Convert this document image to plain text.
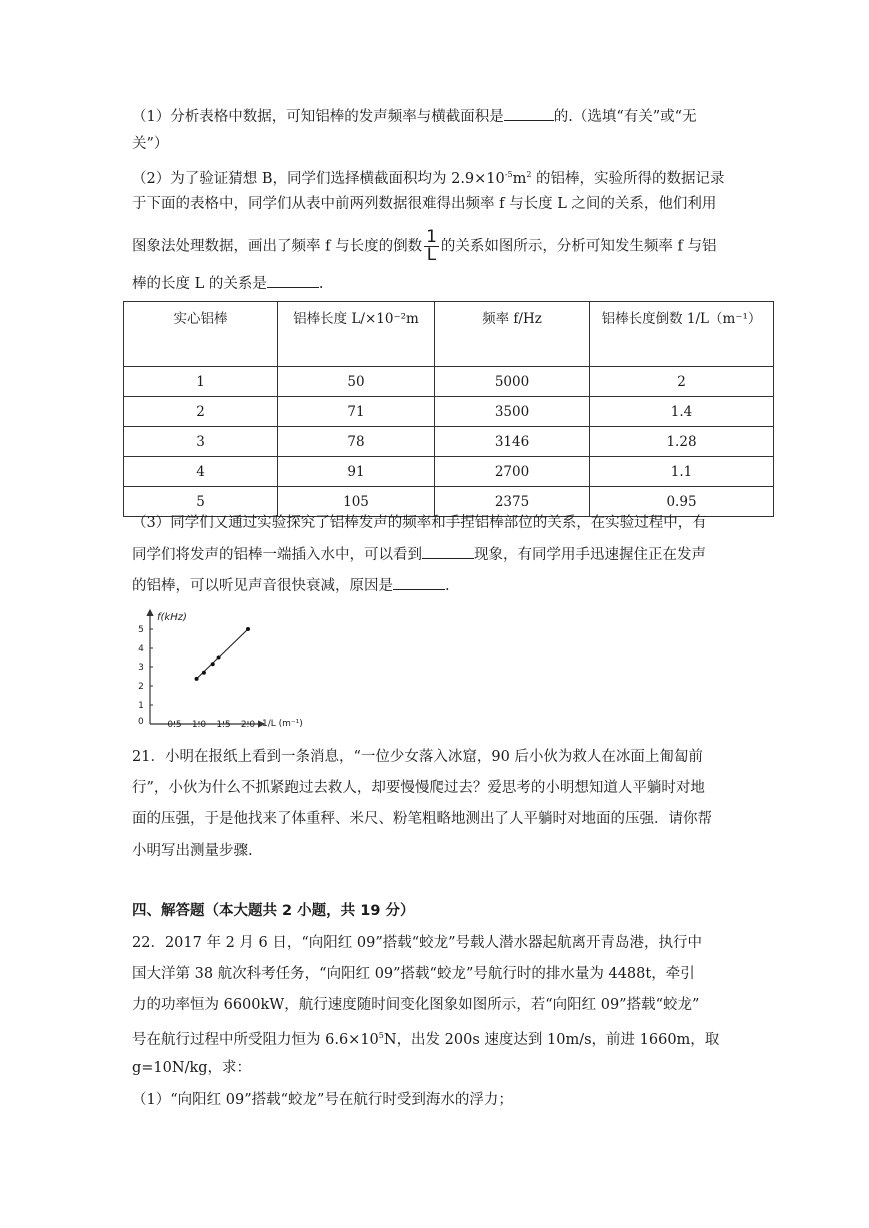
（1）分析表格中数据，可知铝棒的发声频率与横截面积是	的.（选填“有关”或“无
关”）
（2）为了验证猜想 B，同学们选择横截面积均为 $2.9\times 10^{-5}m^2$ 的铝棒，实验所得的数据记录
于下面的表格中，同学们从表中前两列数据很难得出频率 f 与长度 L 之间的关系，他们利用
图象法处理数据，画出了频率 f 与长度的倒数 $\frac{1}{L}$ 的关系如图所示，分析可知发生频率 f 与铝
棒的长度 L 的关系是	.
实心铝棒	铝棒长度 L/×10⁻²m	频率 f/Hz	铝棒长度倒数 1/L（m⁻¹）
1	50	5000	2
2	71	3500	1.4
3	78	3146	1.28
4	91	2700	1.1
5	105	2375	0.95
（3）同学们又通过实验探究了铝棒发声的频率和手捏铝棒部位的关系，在实验过程中，有
同学们将发声的铝棒一端插入水中，可以看到	现象，有同学用手迅速握住正在发声
的铝棒，可以听见声音很快衰减，原因是	.
f(kHz)
0	0.5 1.0 1.5 2.0
1
2
3
4
5
1/L (m⁻¹)
21．小明在报纸上看到一条消息，“一位少女落入冰窟，90 后小伙为救人在冰面上匍匐前
行”，小伙为什么不抓紧跑过去救人，却要慢慢爬过去？爱思考的小明想知道人平躺时对地
面的压强，于是他找来了体重秤、米尺、粉笔粗略地测出了人平躺时对地面的压强．请你帮
小明写出测量步骤.
四、解答题（本大题共 2 小题，共 19 分）
22．2017 年 2 月 6 日，“向阳红 09”搭载“蛟龙”号载人潜水器起航离开青岛港，执行中
国大洋第 38 航次科考任务，“向阳红 09”搭载“蛟龙”号航行时的排水量为 4488t，牵引
力的功率恒为 6600kW，航行速度随时间变化图象如图所示，若“向阳红 09”搭载“蛟龙”
号在航行过程中所受阻力恒为 $6.6\times 10^5N$，出发 200s 速度达到 10m/s，前进 1660m，取
g=10N/kg，求：
（1）“向阳红 09”搭载“蛟龙”号在航行时受到海水的浮力；
